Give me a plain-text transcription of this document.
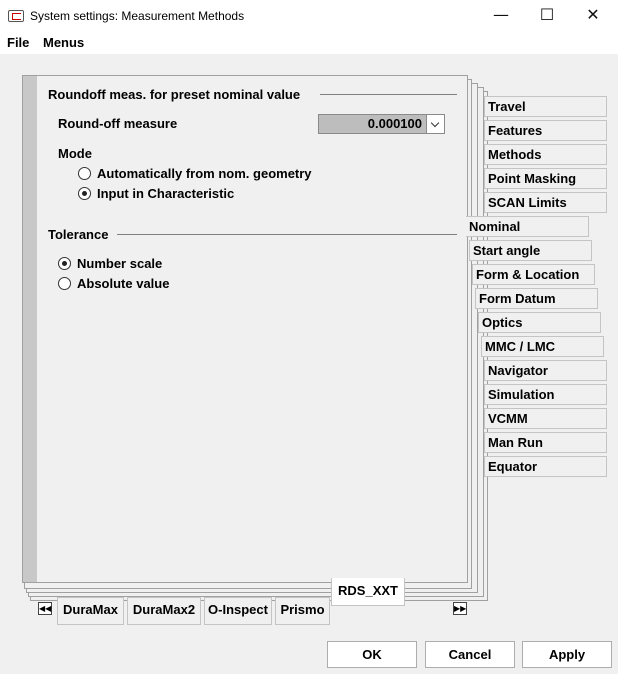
System settings: Measurement Methods	—	☐	✕
File Menus
Travel
Features
Methods
Point Masking
SCAN Limits
Nominal
Start angle
Form & Location
Form Datum
Optics
MMC / LMC
Navigator
Simulation
VCMM
Man Run
Equator
Roundoff meas. for preset nominal value
Round-off measure	0.000100
Mode
Automatically from nom. geometry
Input in Characteristic
Tolerance
Number scale
Absolute value
RDS_XXT
◀◀ DuraMax	DuraMax2 O-Inspect Prismo	▶▶
OK	Cancel	Apply
